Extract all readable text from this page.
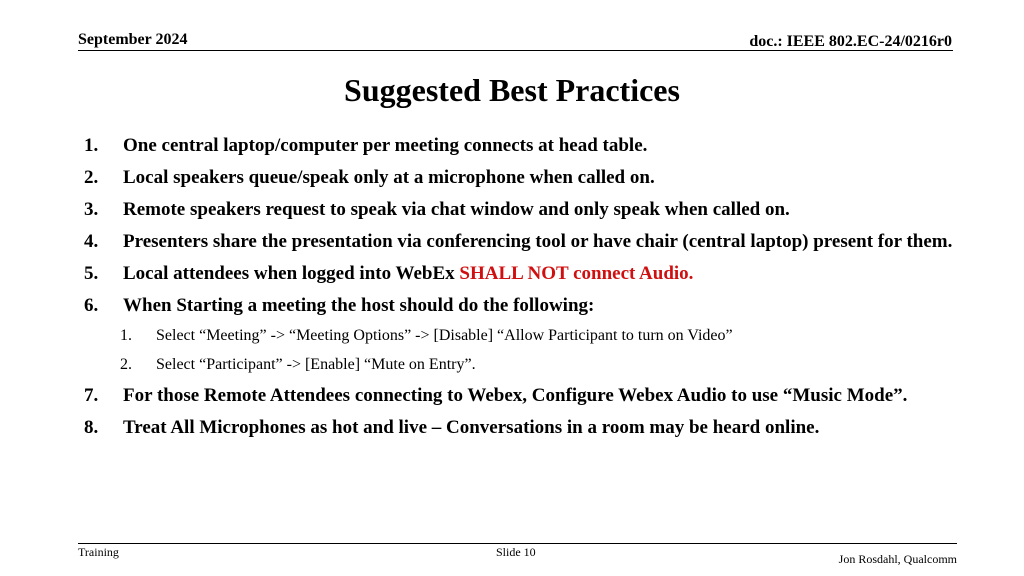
September 2024	doc.: IEEE 802.EC-24/0216r0
Suggested Best Practices
1. One central laptop/computer per meeting connects at head table.
2. Local speakers queue/speak only at a microphone when called on.
3. Remote speakers request to speak via chat window and only speak when called on.
4. Presenters share the presentation via conferencing tool or have chair (central laptop) present for them.
5. Local attendees when logged into WebEx SHALL NOT connect Audio.
6. When Starting a meeting the host should do the following:
1. Select “Meeting” -> “Meeting Options” -> [Disable] “Allow Participant to turn on Video”
2. Select “Participant” -> [Enable] “Mute on Entry”.
7. For those Remote Attendees connecting to Webex, Configure Webex Audio to use “Music Mode”.
8. Treat All Microphones as hot and live – Conversations in a room may be heard online.
Training	Slide 10	Jon Rosdahl, Qualcomm
